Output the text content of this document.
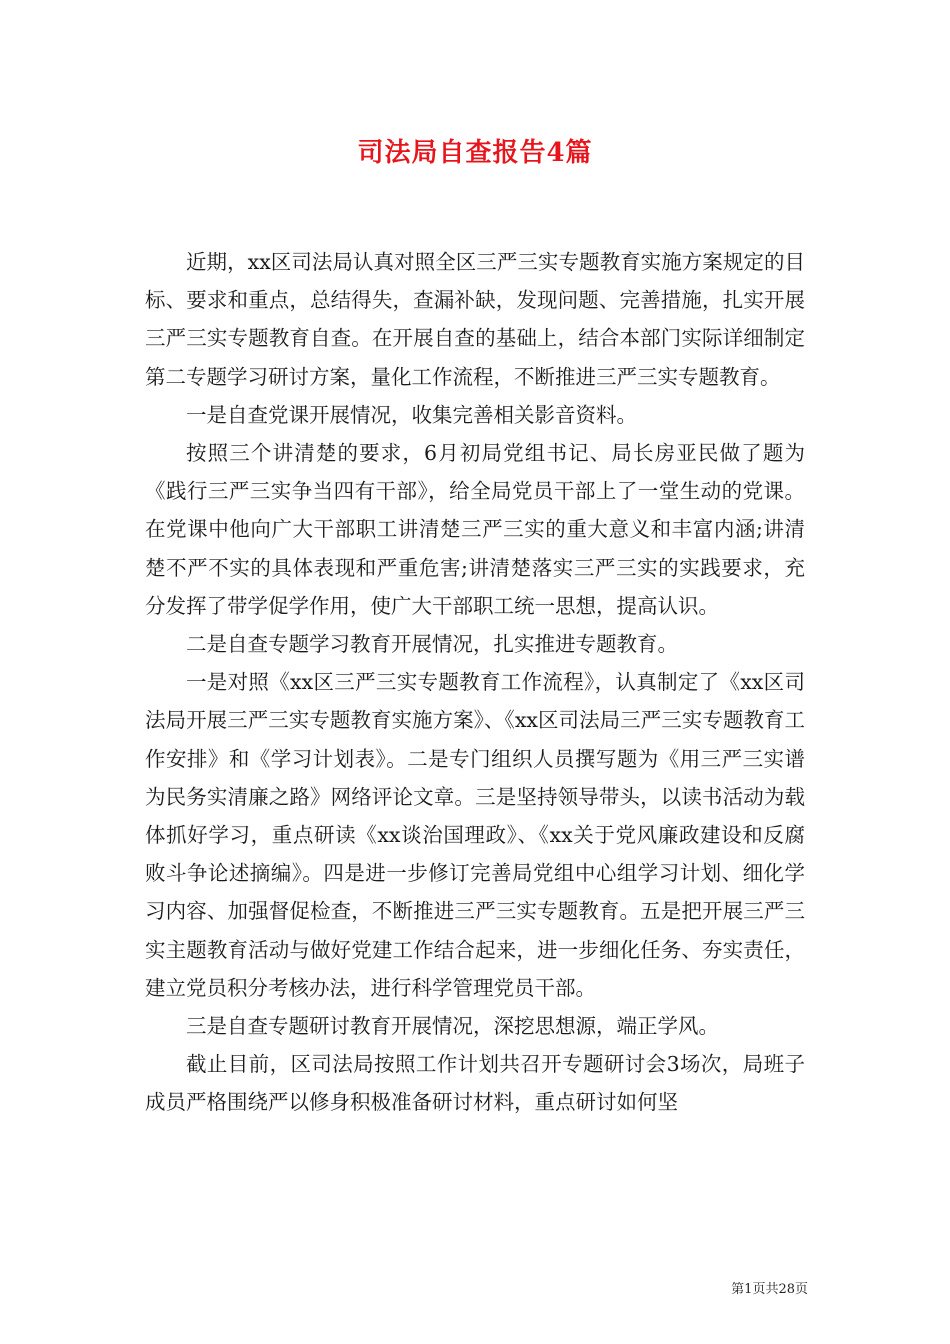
司法局自查报告4篇

近期，xx区司法局认真对照全区三严三实专题教育实施方案规定的目标、要求和重点，总结得失，查漏补缺，发现问题、完善措施，扎实开展三严三实专题教育自查。在开展自查的基础上，结合本部门实际详细制定第二专题学习研讨方案，量化工作流程，不断推进三严三实专题教育。

一是自查党课开展情况，收集完善相关影音资料。

按照三个讲清楚的要求，6月初局党组书记、局长房亚民做了题为《践行三严三实争当四有干部》，给全局党员干部上了一堂生动的党课。在党课中他向广大干部职工讲清楚三严三实的重大意义和丰富内涵;讲清楚不严不实的具体表现和严重危害;讲清楚落实三严三实的实践要求，充分发挥了带学促学作用，使广大干部职工统一思想，提高认识。

二是自查专题学习教育开展情况，扎实推进专题教育。

一是对照《xx区三严三实专题教育工作流程》，认真制定了《xx区司法局开展三严三实专题教育实施方案》、《xx区司法局三严三实专题教育工作安排》和《学习计划表》。二是专门组织人员撰写题为《用三严三实谱为民务实清廉之路》网络评论文章。三是坚持领导带头，以读书活动为载体抓好学习，重点研读《xx谈治国理政》、《xx关于党风廉政建设和反腐败斗争论述摘编》。四是进一步修订完善局党组中心组学习计划、细化学习内容、加强督促检查，不断推进三严三实专题教育。五是把开展三严三实主题教育活动与做好党建工作结合起来，进一步细化任务、夯实责任，建立党员积分考核办法，进行科学管理党员干部。

三是自查专题研讨教育开展情况，深挖思想源，端正学风。

截止目前，区司法局按照工作计划共召开专题研讨会3场次，局班子成员严格围绕严以修身积极准备研讨材料，重点研讨如何坚

第1页共28页
